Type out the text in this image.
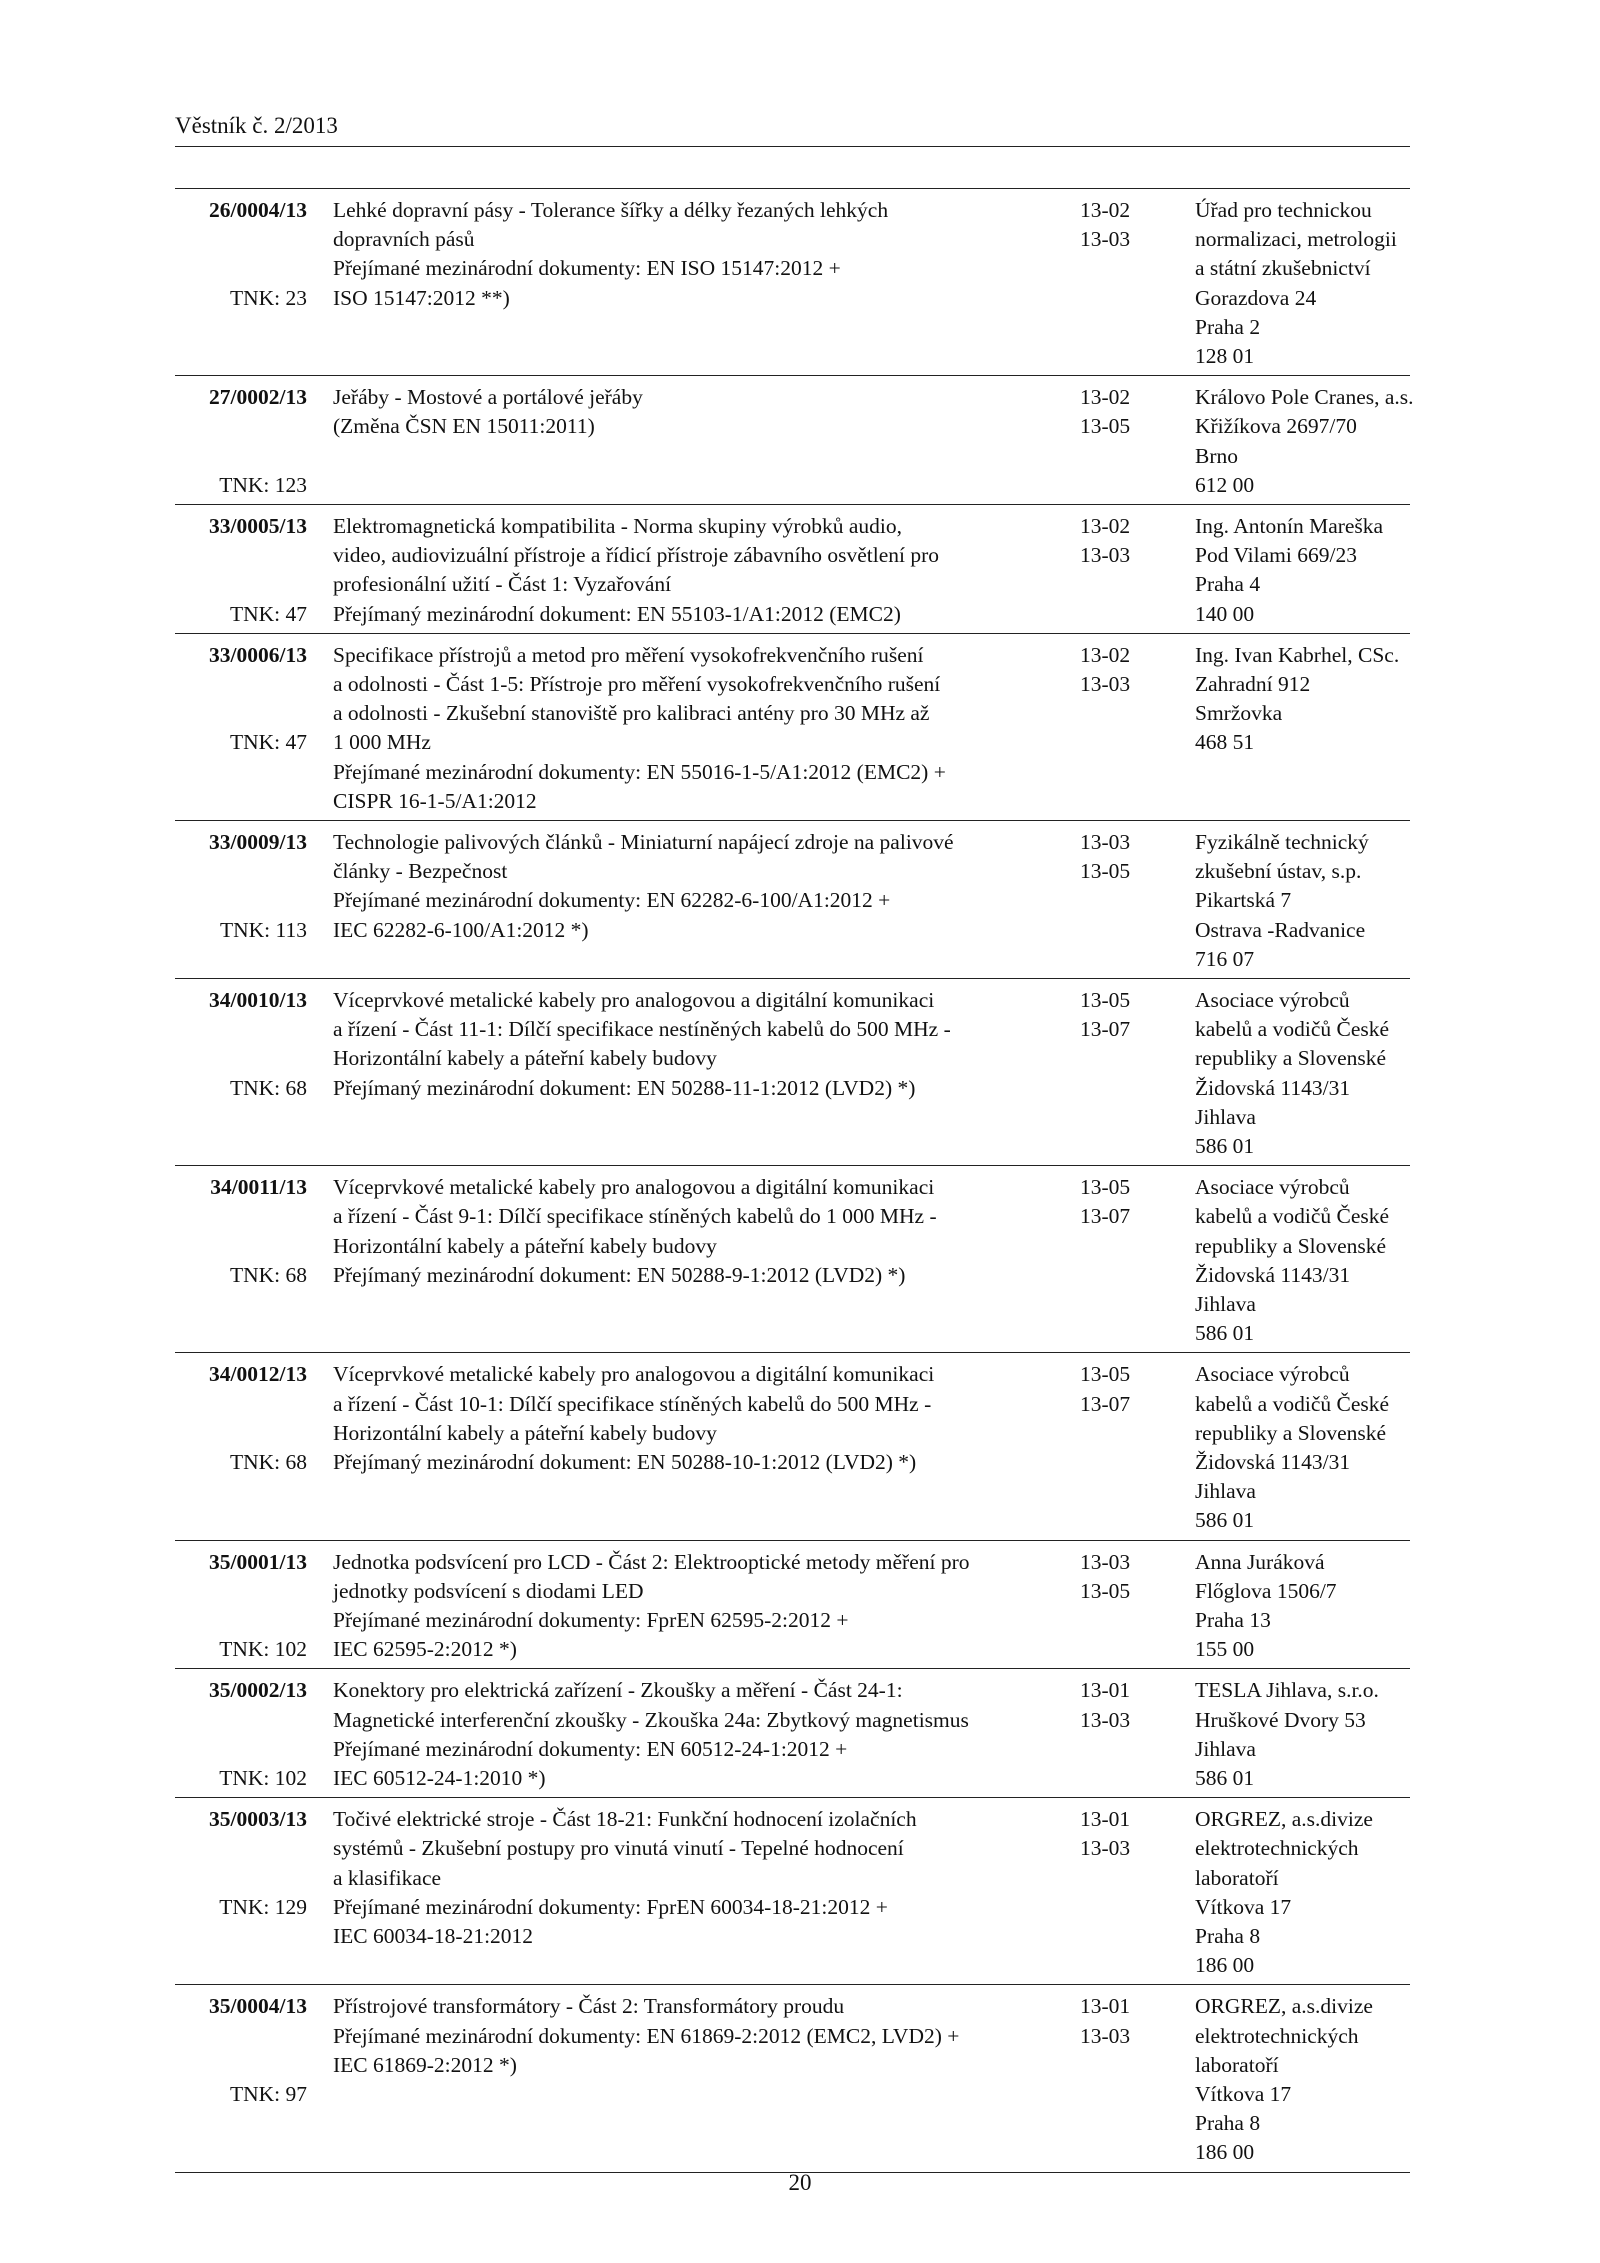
Věstník č. 2/2013
26/0004/13
TNK: 23
Lehké dopravní pásy - Tolerance šířky a délky řezaných lehkých
dopravních pásů
Přejímané mezinárodní dokumenty: EN ISO 15147:2012 +
ISO 15147:2012 **)
13-02
13-03
Úřad pro technickou
normalizaci, metrologii
a státní zkušebnictví
Gorazdova 24
Praha 2
128 01
27/0002/13
TNK: 123
Jeřáby - Mostové a portálové jeřáby
(Změna ČSN EN 15011:2011)
13-02
13-05
Královo Pole Cranes, a.s.
Křižíkova 2697/70
Brno
612 00
33/0005/13
TNK: 47
Elektromagnetická kompatibilita - Norma skupiny výrobků audio,
video, audiovizuální přístroje a řídicí přístroje zábavního osvětlení pro
profesionální užití - Část 1: Vyzařování
Přejímaný mezinárodní dokument: EN 55103-1/A1:2012 (EMC2)
13-02
13-03
Ing. Antonín Mareška
Pod Vilami 669/23
Praha 4
140 00
33/0006/13
TNK: 47
Specifikace přístrojů a metod pro měření vysokofrekvenčního rušení
a odolnosti - Část 1-5: Přístroje pro měření vysokofrekvenčního rušení
a odolnosti - Zkušební stanoviště pro kalibraci antény pro 30 MHz až
1 000 MHz
Přejímané mezinárodní dokumenty: EN 55016-1-5/A1:2012 (EMC2) +
CISPR 16-1-5/A1:2012
13-02
13-03
Ing. Ivan Kabrhel, CSc.
Zahradní 912
Smržovka
468 51
33/0009/13
TNK: 113
Technologie palivových článků - Miniaturní napájecí zdroje na palivové
články - Bezpečnost
Přejímané mezinárodní dokumenty: EN 62282-6-100/A1:2012 +
IEC 62282-6-100/A1:2012 *)
13-03
13-05
Fyzikálně technický
zkušební ústav, s.p.
Pikartská 7
Ostrava -Radvanice
716 07
34/0010/13
TNK: 68
Víceprvkové metalické kabely pro analogovou a digitální komunikaci
a řízení - Část 11-1: Dílčí specifikace nestíněných kabelů do 500 MHz -
Horizontální kabely a páteřní kabely budovy
Přejímaný mezinárodní dokument: EN 50288-11-1:2012 (LVD2) *)
13-05
13-07
Asociace výrobců
kabelů a vodičů České
republiky a Slovenské
Židovská 1143/31
Jihlava
586 01
34/0011/13
TNK: 68
Víceprvkové metalické kabely pro analogovou a digitální komunikaci
a řízení - Část 9-1: Dílčí specifikace stíněných kabelů do 1 000 MHz -
Horizontální kabely a páteřní kabely budovy
Přejímaný mezinárodní dokument: EN 50288-9-1:2012 (LVD2) *)
13-05
13-07
Asociace výrobců
kabelů a vodičů České
republiky a Slovenské
Židovská 1143/31
Jihlava
586 01
34/0012/13
TNK: 68
Víceprvkové metalické kabely pro analogovou a digitální komunikaci
a řízení - Část 10-1: Dílčí specifikace stíněných kabelů do 500 MHz -
Horizontální kabely a páteřní kabely budovy
Přejímaný mezinárodní dokument: EN 50288-10-1:2012 (LVD2) *)
13-05
13-07
Asociace výrobců
kabelů a vodičů České
republiky a Slovenské
Židovská 1143/31
Jihlava
586 01
35/0001/13
TNK: 102
Jednotka podsvícení pro LCD - Část 2: Elektrooptické metody měření pro
jednotky podsvícení s diodami LED
Přejímané mezinárodní dokumenty: FprEN 62595-2:2012 +
IEC 62595-2:2012 *)
13-03
13-05
Anna Juráková
Flőglova 1506/7
Praha 13
155 00
35/0002/13
TNK: 102
Konektory pro elektrická zařízení - Zkoušky a měření - Část 24-1:
Magnetické interferenční zkoušky - Zkouška 24a: Zbytkový magnetismus
Přejímané mezinárodní dokumenty: EN 60512-24-1:2012 +
IEC 60512-24-1:2010 *)
13-01
13-03
TESLA Jihlava, s.r.o.
Hruškové Dvory 53
Jihlava
586 01
35/0003/13
TNK: 129
Točivé elektrické stroje - Část 18-21: Funkční hodnocení izolačních
systémů - Zkušební postupy pro vinutá vinutí - Tepelné hodnocení
a klasifikace
Přejímané mezinárodní dokumenty: FprEN 60034-18-21:2012 +
IEC 60034-18-21:2012
13-01
13-03
ORGREZ, a.s.divize
elektrotechnických
laboratoří
Vítkova 17
Praha 8
186 00
35/0004/13
TNK: 97
Přístrojové transformátory - Část 2: Transformátory proudu
Přejímané mezinárodní dokumenty: EN 61869-2:2012 (EMC2, LVD2) +
IEC 61869-2:2012 *)
13-01
13-03
ORGREZ, a.s.divize
elektrotechnických
laboratoří
Vítkova 17
Praha 8
186 00
20
